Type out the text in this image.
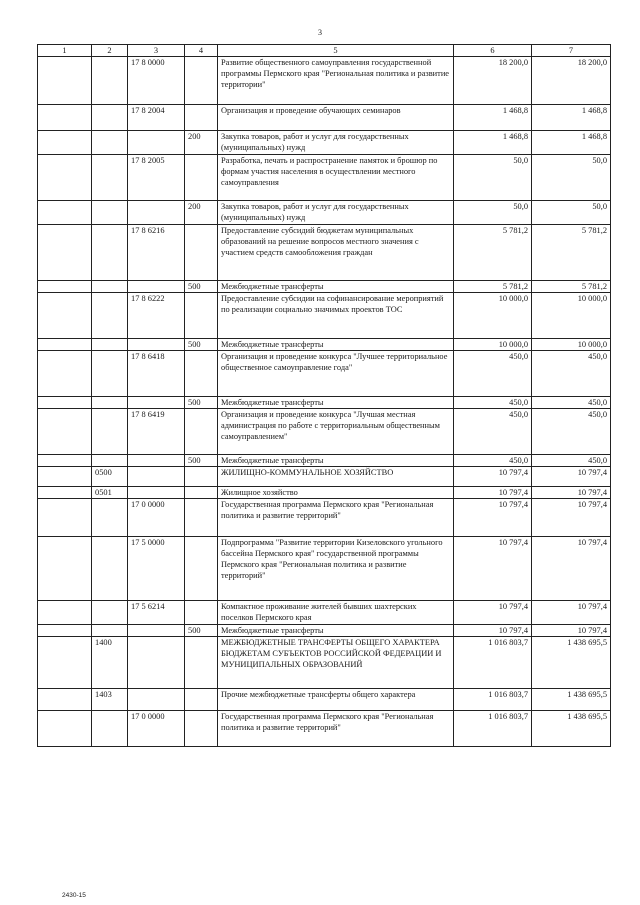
3
1	2	3	4	5	6	7
		17 8 0000		Развитие общественного самоуправления государственной программы Пермского края "Региональная политика и развитие территории"	18 200,0	18 200,0
		17 8 2004		Организация и проведение обучающих семинаров	1 468,8	1 468,8
			200	Закупка товаров, работ и услуг для государственных (муниципальных) нужд	1 468,8	1 468,8
		17 8 2005		Разработка, печать и распространение памяток и брошюр по формам участия населения в осуществлении местного самоуправления	50,0	50,0
			200	Закупка товаров, работ и услуг для государственных (муниципальных) нужд	50,0	50,0
		17 8 6216		Предоставление субсидий бюджетам муниципальных образований на решение вопросов местного значения с участием средств самообложения граждан	5 781,2	5 781,2
			500	Межбюджетные трансферты	5 781,2	5 781,2
		17 8 6222		Предоставление субсидии на софинансирование мероприятий по реализации социально значимых проектов ТОС	10 000,0	10 000,0
			500	Межбюджетные трансферты	10 000,0	10 000,0
		17 8 6418		Организация и проведение конкурса "Лучшее территориальное общественное самоуправление года"	450,0	450,0
			500	Межбюджетные трансферты	450,0	450,0
		17 8 6419		Организация и проведение конкурса "Лучшая местная администрация по работе с территориальным общественным самоуправлением"	450,0	450,0
			500	Межбюджетные трансферты	450,0	450,0
	0500			ЖИЛИЩНО-КОММУНАЛЬНОЕ ХОЗЯЙСТВО	10 797,4	10 797,4
	0501			Жилищное хозяйство	10 797,4	10 797,4
		17 0 0000		Государственная программа Пермского края "Региональная политика и развитие территорий"	10 797,4	10 797,4
		17 5 0000		Подпрограмма "Развитие территории Кизеловского угольного бассейна Пермского края" государственной программы Пермского края "Региональная политика и развитие территорий"	10 797,4	10 797,4
		17 5 6214		Компактное проживание жителей бывших шахтерских поселков Пермского края	10 797,4	10 797,4
			500	Межбюджетные трансферты	10 797,4	10 797,4
	1400			МЕЖБЮДЖЕТНЫЕ ТРАНСФЕРТЫ ОБЩЕГО ХАРАКТЕРА БЮДЖЕТАМ СУБЪЕКТОВ РОССИЙСКОЙ ФЕДЕРАЦИИ И МУНИЦИПАЛЬНЫХ ОБРАЗОВАНИЙ	1 016 803,7	1 438 695,5
	1403			Прочие межбюджетные трансферты общего характера	1 016 803,7	1 438 695,5
		17 0 0000		Государственная программа Пермского края "Региональная политика и развитие территорий"	1 016 803,7	1 438 695,5
2430-15
